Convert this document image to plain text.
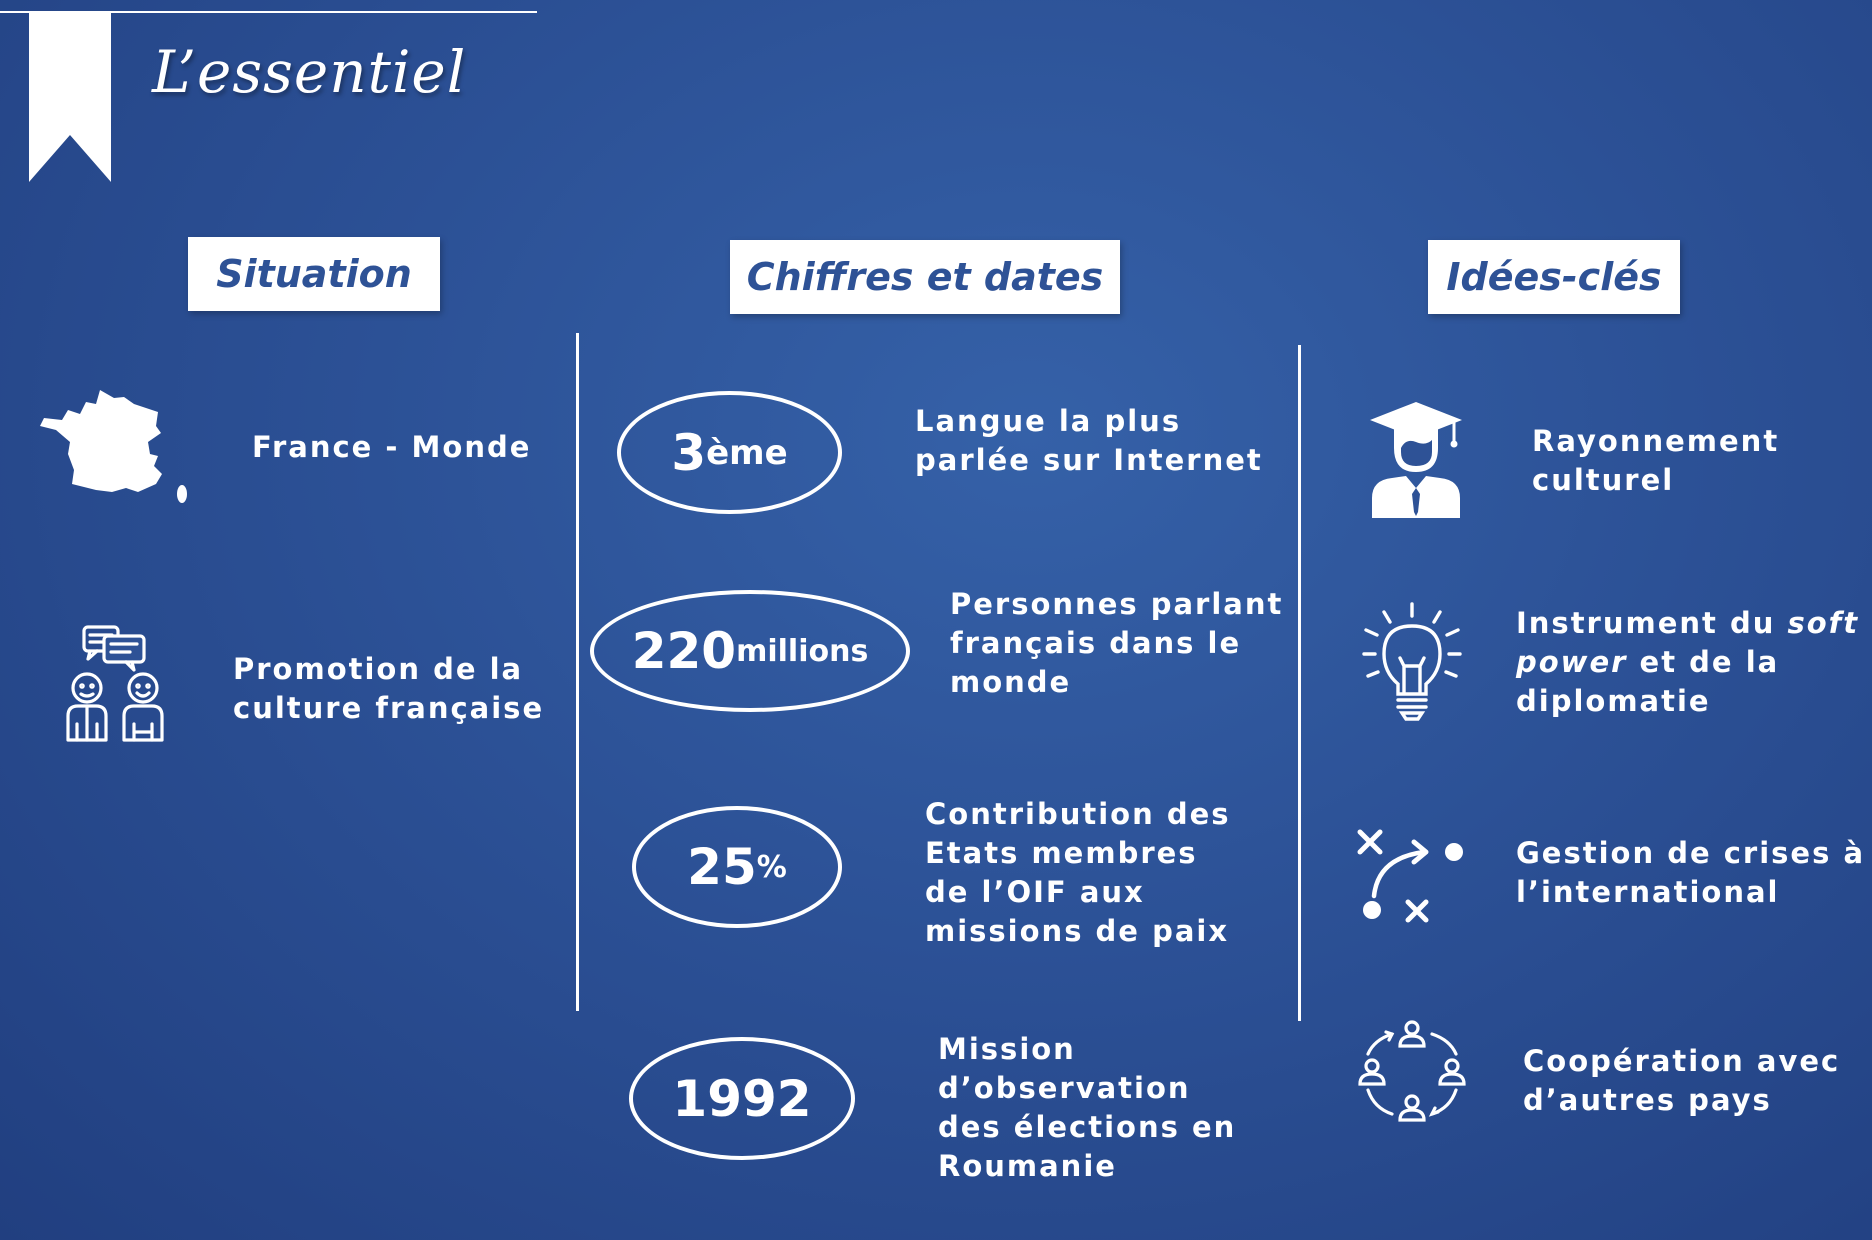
L’essentiel
Situation	Chiffres et dates	Idées-clés
France - Monde
Promotion de la
culture française
3 ème
Langue la plus
parlée sur Internet
220 millions
Personnes parlant
français dans le
monde
25 %
Contribution des
Etats membres
de l’OIF aux
missions de paix
1992
Mission
d’observation
des élections en
Roumanie
Rayonnement
culturel
Instrument du soft
power et de la
diplomatie
Gestion de crises à
l’international
Coopération avec
d’autres pays
